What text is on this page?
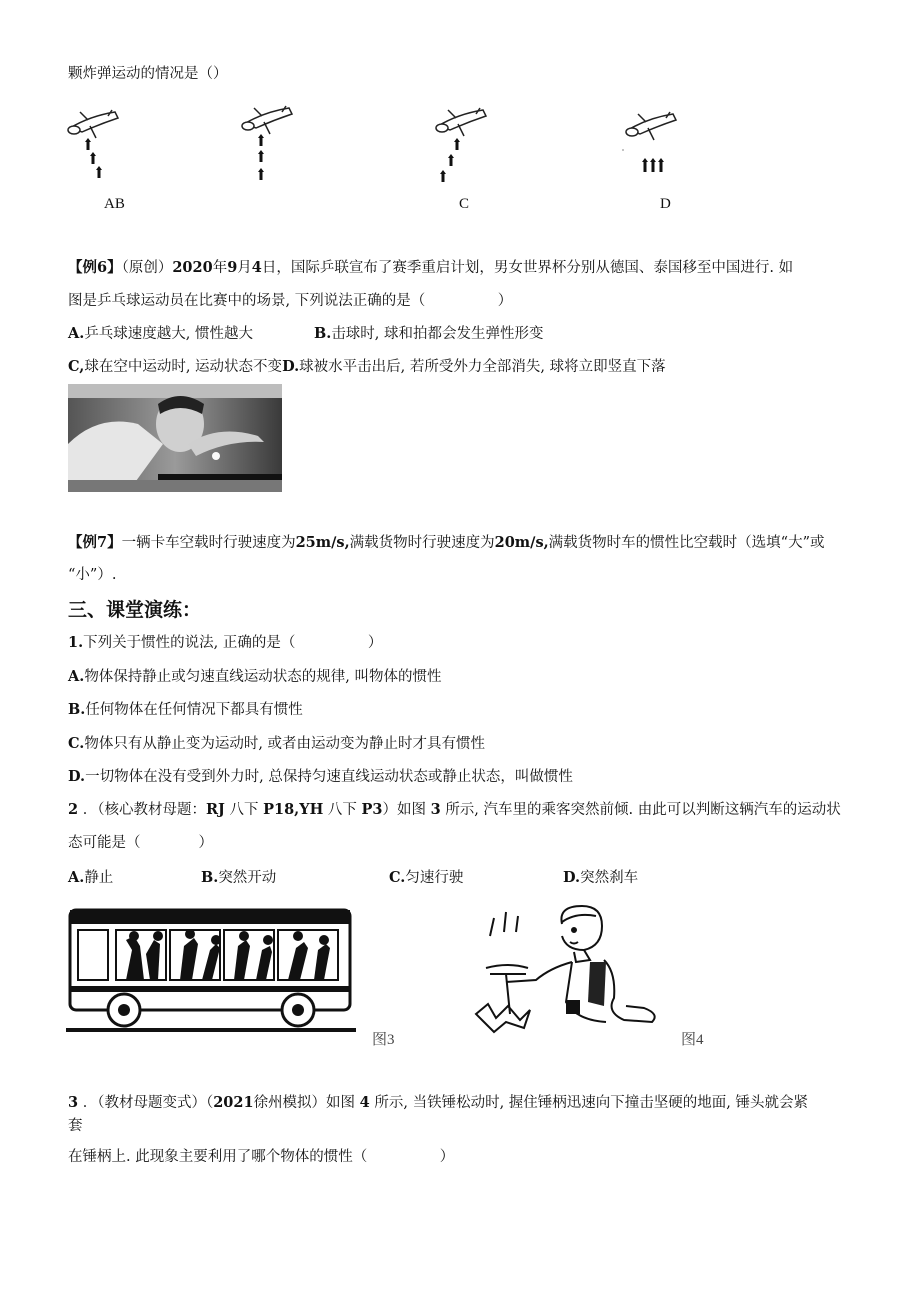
颗炸弹运动的情况是（）
AB	C	D
【例6】（原创）2020年9月4日，国际乒联宣布了赛季重启计划，男女世界杯分别从德国、泰国移至中国进行. 如
图是乒乓球运动员在比赛中的场景, 下列说法正确的是（　　　　　）
A.乒乓球速度越大, 惯性越大	B.击球时, 球和拍都会发生弹性形变
C,球在空中运动时, 运动状态不变D.球被水平击出后, 若所受外力全部消失, 球将立即竖直下落
【例7】一辆卡车空载时行驶速度为25m∕s,满载货物时行驶速度为20m∕s,满载货物时车的惯性比空载时（选填“大”或
“小”）.
三、课堂演练：
1.下列关于惯性的说法, 正确的是（　　　　　）
A.物体保持静止或匀速直线运动状态的规律, 叫物体的惯性
B.任何物体在任何情况下都具有惯性
C.物体只有从静止变为运动时, 或者由运动变为静止时才具有惯性
D.一切物体在没有受到外力时, 总保持匀速直线运动状态或静止状态，叫做惯性
2 ．（核心教材母题：RJ 八下 P18,YH 八下 P3）如图 3 所示, 汽车里的乘客突然前倾. 由此可以判断这辆汽车的运动状
态可能是（　　　　）
A.静止	B.突然开动	C.匀速行驶	D.突然刹车
图3	图4
3 ．（教材母题变式）（2021徐州模拟）如图 4 所示, 当铁锤松动时, 握住锤柄迅速向下撞击坚硬的地面, 锤头就会紧
套
在锤柄上. 此现象主要利用了哪个物体的惯性（　　　　　）
